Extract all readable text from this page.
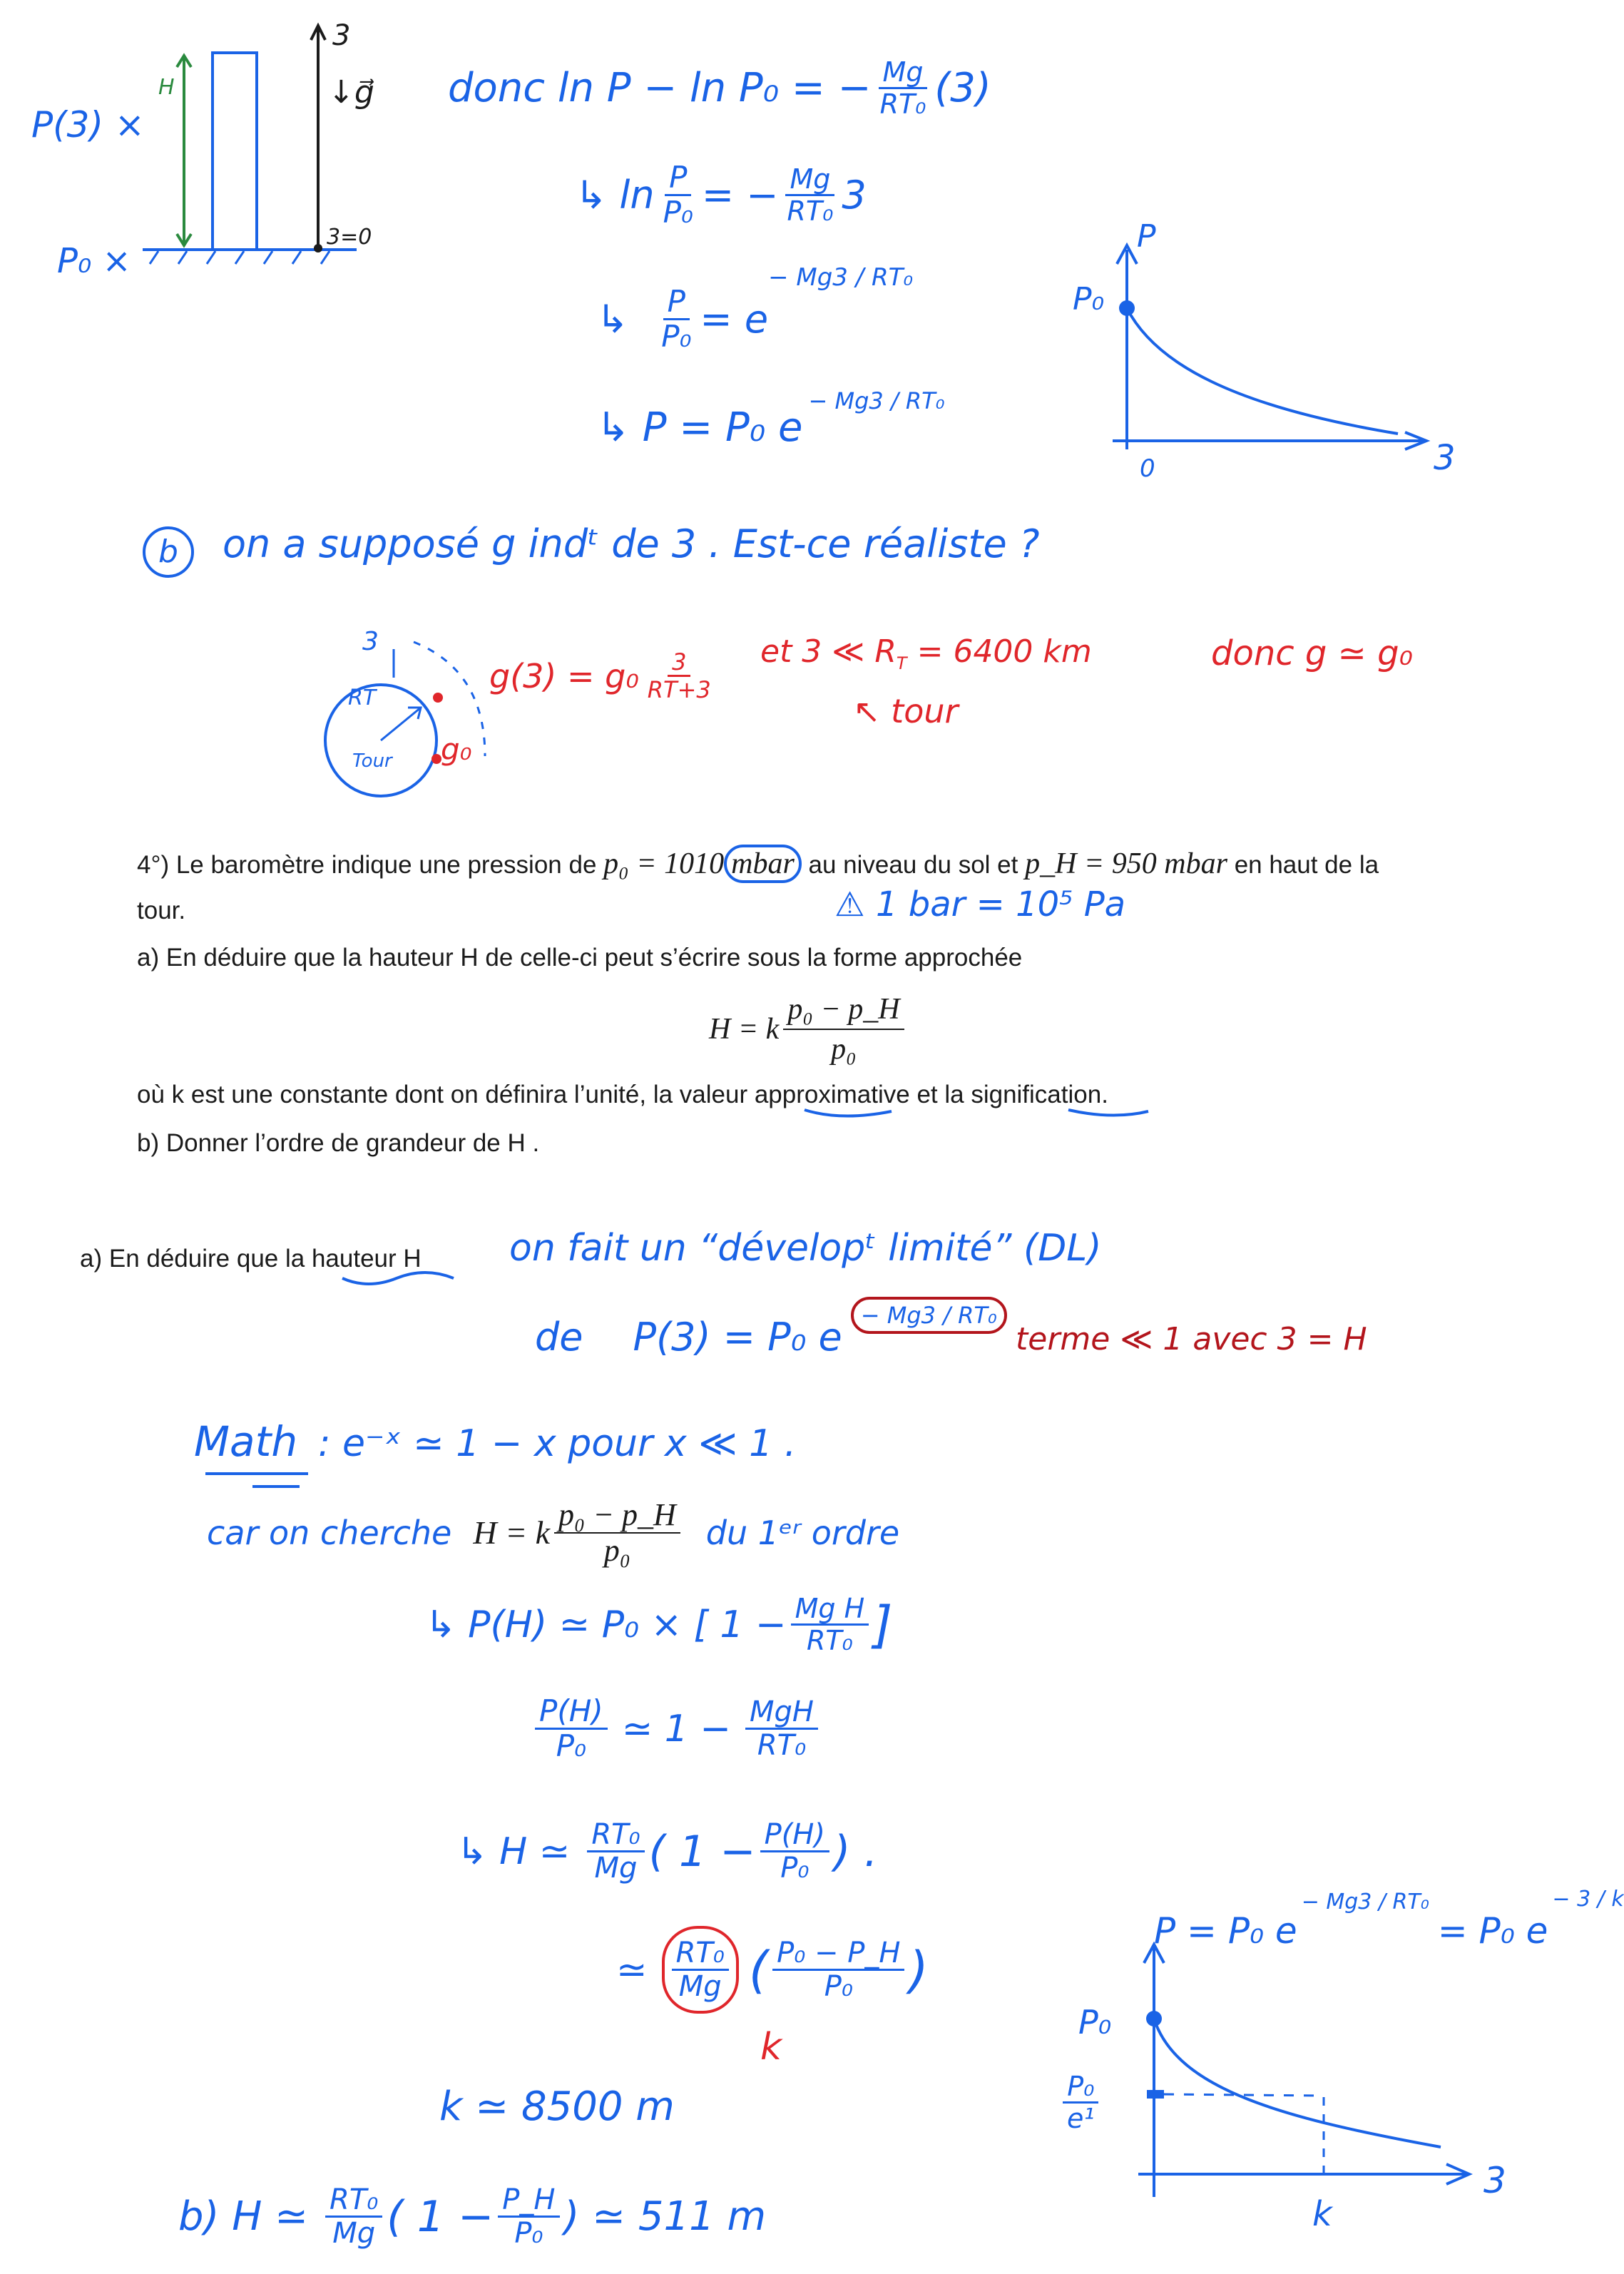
P(3) ×
P₀ ×
H
3
↓g⃗
3=0
donc ln P − ln P₀ = − $\frac{Mg}{\text{RT₀}} (3)$
↳ $\ln \frac{P}{\text{P₀}}$ = − $\frac{Mg}{\text{RT₀}} 3$
↳ $\frac{P}{\text{P₀}} = e$
− Mg3 / RT₀
↳ P = P₀ e
− Mg3 / RT₀
P
P₀
0	3
b on a supposé g indᵗ de 3 . Est-ce réaliste ?
3
RT
Tour g₀
$g(3) = g_0 \frac{3}{RT+3}$ et 3 ≪ $R_T = 6400$ km	donc g ≃ g₀
↖ tour
4°) Le baromètre indique une pression de p₀ = 1010 mbar au niveau du sol et p_H = 950 mbar en haut de la
tour.	⚠ 1 bar = 10⁵ Pa
a) En déduire que la hauteur H de celle-ci peut s’écrire sous la forme approchée
H = k $\frac{\text{p₀ − p\_H}}{\text{p₀}}$
où k est une constante dont on définira l’unité, la valeur approximative et la signification.
b) Donner l’ordre de grandeur de H .
a) En déduire que la hauteur H on fait un “dévelopᵗ limité” (DL)
de P(3) = P₀ e − Mg3 / RT₀
terme ≪ 1 avec 3 = H
Math : e⁻ˣ ≃ 1 − x pour x ≪ 1 .
car on cherche H = k $\frac{\text{p₀ − p\_H}}{\text{p₀}}$ du 1ᵉʳ ordre
↳ P(H) ≃ P₀ × [ $1 - \frac{\text{Mg H}}{\text{RT₀}}$ ]
$\frac{P(H)}{\text{P₀}}$ ≃ $1 - \frac{\text{MgH}}{\text{RT₀}}$
↳ H ≃ $\frac{\text{RT₀}}{Mg}$ ( $1 - \frac{P(H)}{\text{P₀}}$ ) .
≃ $\frac{\text{RT₀}}{Mg}$ ( $\frac{\text{P₀ − P\_H}}{\text{P₀}}$ )
k
k ≃ 8500 m
b) H ≃ $\frac{\text{RT₀}}{Mg}$ ( $1 - \frac{P\_H}{\text{P₀}}$ ) ≃ 511 m
P = P₀ e
− Mg3 / RT₀
= P₀ e
− 3 / k
P₀
$\frac{\text{P₀}}{\text{e¹}}$
3
k
